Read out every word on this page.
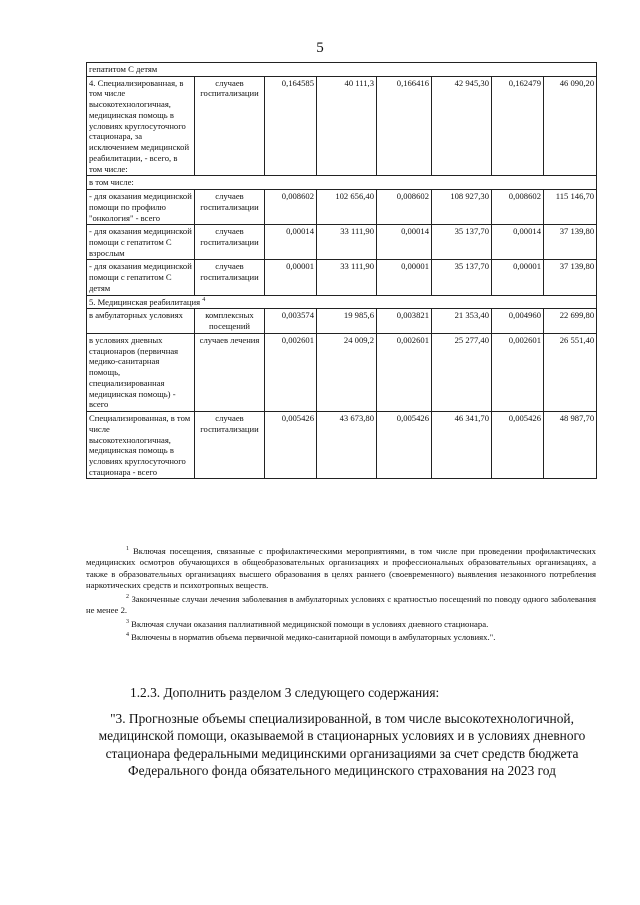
5
гепатитом С детям							
4. Специализированная, в том числе высокотехнологичная, медицинская помощь в условиях круглосуточного стационара, за исключением медицинской реабилитации, - всего, в том числе:	случаев госпитализации	0,164585	40 111,3	0,166416	42 945,30	0,162479	46 090,20
в том числе:							
- для оказания медицинской помощи по профилю "онкология" - всего	случаев госпитализации	0,008602	102 656,40	0,008602	108 927,30	0,008602	115 146,70
- для оказания медицинской помощи с гепатитом С взрослым	случаев госпитализации	0,00014	33 111,90	0,00014	35 137,70	0,00014	37 139,80
- для оказания медицинской помощи с гепатитом С детям	случаев госпитализации	0,00001	33 111,90	0,00001	35 137,70	0,00001	37 139,80
5. Медицинская реабилитация $^4$
в амбулаторных условиях	комплексных посещений	0,003574	19 985,6	0,003821	21 353,40	0,004960	22 699,80
в условиях дневных стационаров (первичная медико-санитарная помощь, специализированная медицинская помощь) - всего	случаев лечения	0,002601	24 009,2	0,002601	25 277,40	0,002601	26 551,40
Специализированная, в том числе высокотехнологичная, медицинская помощь в условиях круглосуточного стационара - всего	случаев госпитализации	0,005426	43 673,80	0,005426	46 341,70	0,005426	48 987,70

$^1$ Включая посещения, связанные с профилактическими мероприятиями, в том числе при проведении профилактических медицинских осмотров обучающихся в общеобразовательных организациях и профессиональных образовательных организациях, а также в образовательных организациях высшего образования в целях раннего (своевременного) выявления незаконного потребления наркотических средств и психотропных веществ.

$^2$ Законченные случаи лечения заболевания в амбулаторных условиях с кратностью посещений по поводу одного заболевания не менее 2.

$^3$ Включая случаи оказания паллиативной медицинской помощи в условиях дневного стационара.

$^4$ Включены в норматив объема первичной медико-санитарной помощи в амбулаторных условиях.".

1.2.3. Дополнить разделом 3 следующего содержания:
"3. Прогнозные объемы специализированной, в том числе высокотехнологичной, медицинской помощи, оказываемой в стационарных условиях и в условиях дневного стационара федеральными медицинскими организациями за счет средств бюджета Федерального фонда обязательного медицинского страхования на 2023 год
